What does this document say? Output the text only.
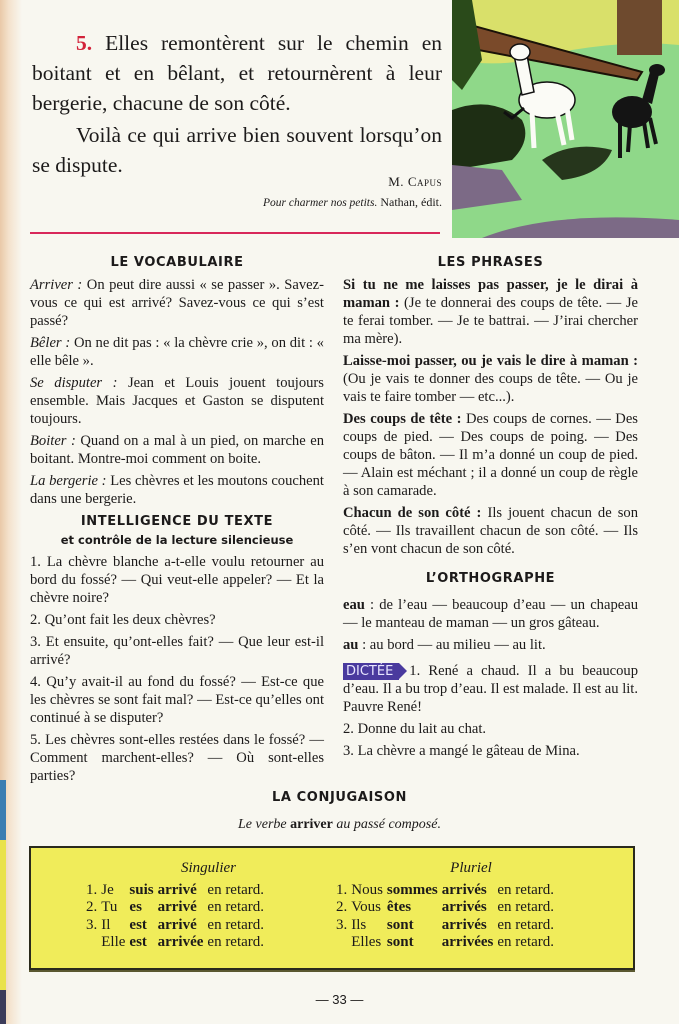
5. Elles remontèrent sur le chemin en boitant et en bêlant, et retournèrent à leur bergerie, chacune de son côté.

Voilà ce qui arrive bien souvent lorsqu’on se dispute.

M. Capus
Pour charmer nos petits. Nathan, édit.
LE VOCABULAIRE

Arriver : On peut dire aussi « se passer ». Savez-vous ce qui est arrivé? Savez-vous ce qui s’est passé?

Bêler : On ne dit pas : « la chèvre crie », on dit : « elle bêle ».

Se disputer : Jean et Louis jouent toujours ensemble. Mais Jacques et Gaston se disputent toujours.

Boiter : Quand on a mal à un pied, on marche en boitant. Montre-moi comment on boite.

La bergerie : Les chèvres et les moutons couchent dans une bergerie.

INTELLIGENCE DU TEXTE
et contrôle de la lecture silencieuse

1. La chèvre blanche a-t-elle voulu retourner au bord du fossé? — Qui veut-elle appeler? — Et la chèvre noire?

2. Qu’ont fait les deux chèvres?

3. Et ensuite, qu’ont-elles fait? — Que leur est-il arrivé?

4. Qu’y avait-il au fond du fossé? — Est-ce que les chèvres se sont fait mal? — Est-ce qu’elles ont continué à se disputer?

5. Les chèvres sont-elles restées dans le fossé? — Comment marchent-elles? — Où sont-elles parties?

LES PHRASES

Si tu ne me laisses pas passer, je le dirai à maman : (Je te donnerai des coups de tête. — Je te ferai tomber. — Je te battrai. — J’irai chercher ma mère).

Laisse-moi passer, ou je vais le dire à maman : (Ou je vais te donner des coups de tête. — Ou je vais te faire tomber — etc...).

Des coups de tête : Des coups de cornes. — Des coups de pied. — Des coups de poing. — Des coups de bâton. — Il m’a donné un coup de pied. — Alain est méchant ; il a donné un coup de règle à son camarade.

Chacun de son côté : Ils jouent chacun de son côté. — Ils travaillent chacun de son côté. — Ils s’en vont chacun de son côté.

L’ORTHOGRAPHE

eau : de l’eau — beaucoup d’eau — un chapeau — le manteau de maman — un gros gâteau.

au : au bord — au milieu — au lit.

DICTÉE 1. René a chaud. Il a bu beaucoup d’eau. Il a bu trop d’eau. Il est malade. Il est au lit. Pauvre René!

2. Donne du lait au chat.

3. La chèvre a mangé le gâteau de Mina.

LA CONJUGAISON
Le verbe arriver au passé composé.
Singulier
1.	Je	suis	arrivé	en retard.
2.	Tu	es	arrivé	en retard.
3.	Il	est	arrivé	en retard.
	Elle	est	arrivée	en retard.
Pluriel
1.	Nous	sommes	arrivés	en retard.
2.	Vous	êtes	arrivés	en retard.
3.	Ils	sont	arrivés	en retard.
	Elles	sont	arrivées	en retard.
— 33 —
